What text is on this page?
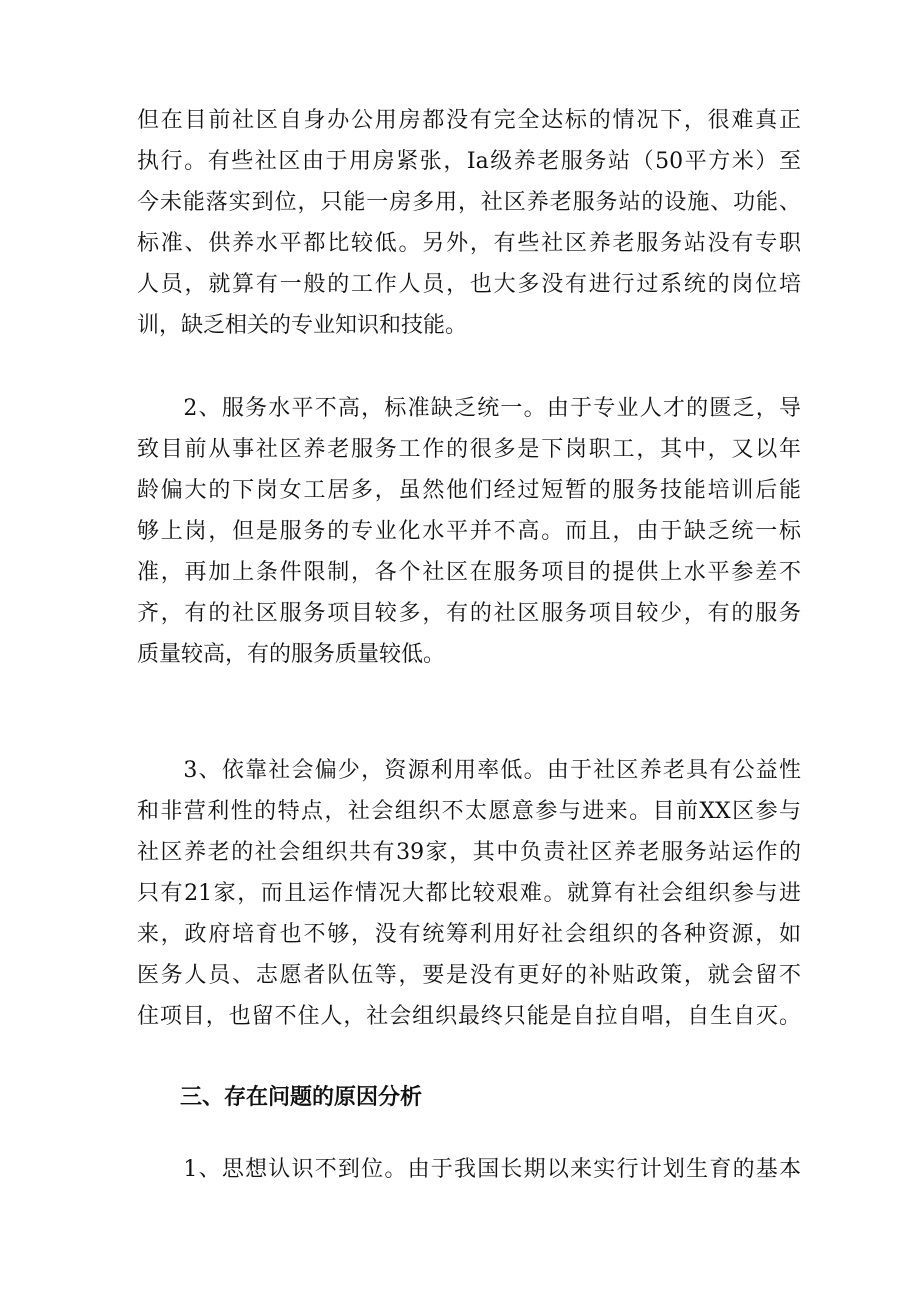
但在目前社区自身办公用房都没有完全达标的情况下，很难真正
执行。有些社区由于用房紧张，Ia级养老服务站（50平方米）至
今未能落实到位，只能一房多用，社区养老服务站的设施、功能、
标准、供养水平都比较低。另外，有些社区养老服务站没有专职
人员，就算有一般的工作人员，也大多没有进行过系统的岗位培
训，缺乏相关的专业知识和技能。
　　2、服务水平不高，标准缺乏统一。由于专业人才的匮乏，导
致目前从事社区养老服务工作的很多是下岗职工，其中，又以年
龄偏大的下岗女工居多，虽然他们经过短暂的服务技能培训后能
够上岗，但是服务的专业化水平并不高。而且，由于缺乏统一标
准，再加上条件限制，各个社区在服务项目的提供上水平参差不
齐，有的社区服务项目较多，有的社区服务项目较少，有的服务
质量较高，有的服务质量较低。
　　3、依靠社会偏少，资源利用率低。由于社区养老具有公益性
和非营利性的特点，社会组织不太愿意参与进来。目前XX区参与
社区养老的社会组织共有39家，其中负责社区养老服务站运作的
只有21家，而且运作情况大都比较艰难。就算有社会组织参与进
来，政府培育也不够，没有统筹利用好社会组织的各种资源，如
医务人员、志愿者队伍等，要是没有更好的补贴政策，就会留不
住项目，也留不住人，社会组织最终只能是自拉自唱，自生自灭。
三、存在问题的原因分析
　　1、思想认识不到位。由于我国长期以来实行计划生育的基本
